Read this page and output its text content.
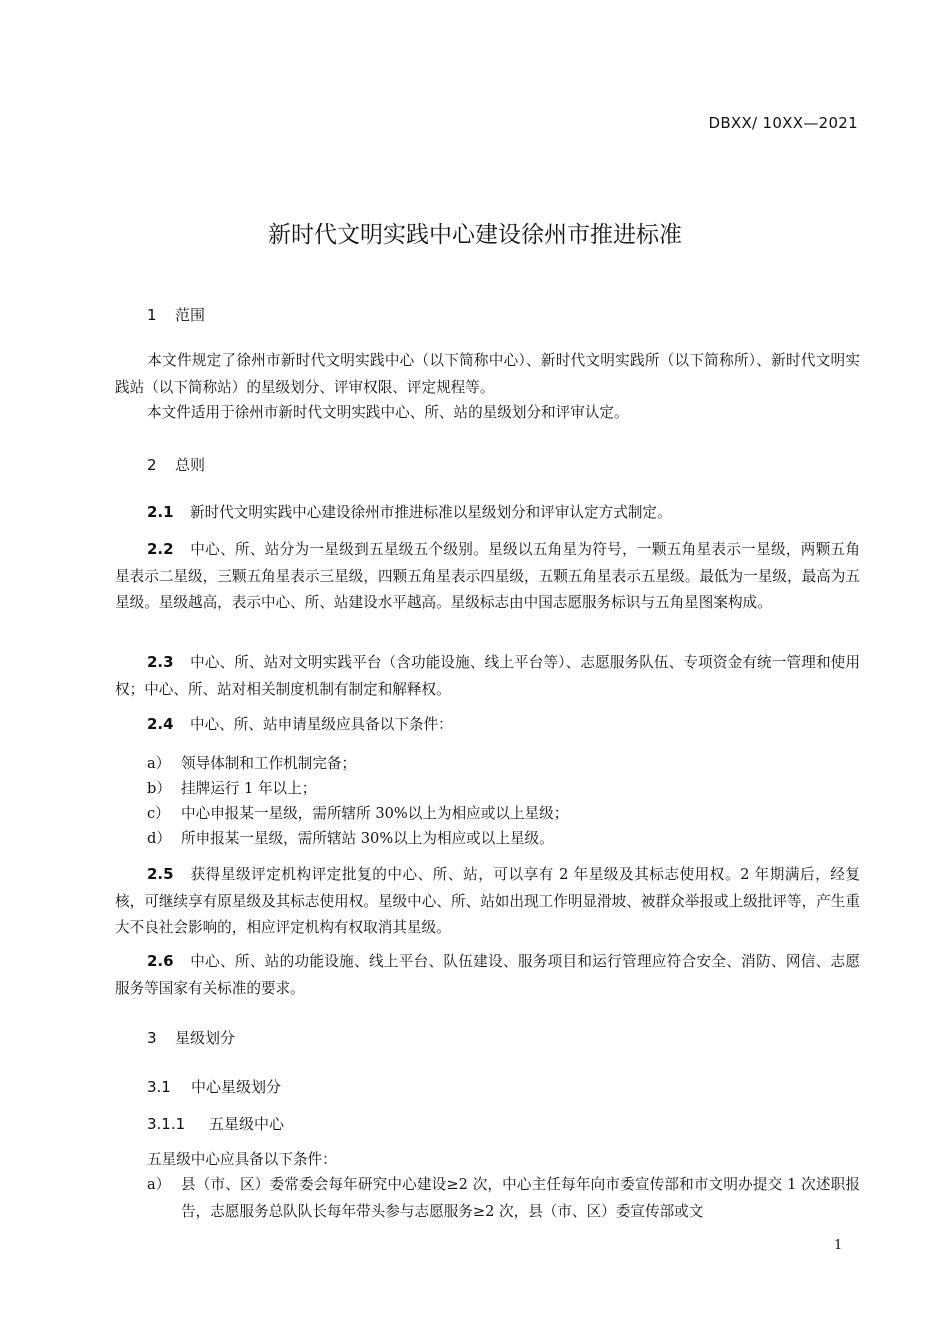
DBXX/ 10XX—2021
新时代文明实践中心建设徐州市推进标准
1 范围
本文件规定了徐州市新时代文明实践中心（以下简称中心）、新时代文明实践所（以下简称所）、新时代文明实践站（以下简称站）的星级划分、评审权限、评定规程等。
本文件适用于徐州市新时代文明实践中心、所、站的星级划分和评审认定。
2 总则
2.1 新时代文明实践中心建设徐州市推进标准以星级划分和评审认定方式制定。
2.2 中心、所、站分为一星级到五星级五个级别。星级以五角星为符号，一颗五角星表示一星级，两颗五角星表示二星级，三颗五角星表示三星级，四颗五角星表示四星级，五颗五角星表示五星级。最低为一星级，最高为五星级。星级越高，表示中心、所、站建设水平越高。星级标志由中国志愿服务标识与五角星图案构成。
2.3 中心、所、站对文明实践平台（含功能设施、线上平台等）、志愿服务队伍、专项资金有统一管理和使用权；中心、所、站对相关制度机制有制定和解释权。
2.4 中心、所、站申请星级应具备以下条件：
a） 领导体制和工作机制完备；
b） 挂牌运行 1 年以上；
c） 中心申报某一星级，需所辖所 30%以上为相应或以上星级；
d） 所申报某一星级，需所辖站 30%以上为相应或以上星级。
2.5 获得星级评定机构评定批复的中心、所、站，可以享有 2 年星级及其标志使用权。2 年期满后，经复核，可继续享有原星级及其标志使用权。星级中心、所、站如出现工作明显滑坡、被群众举报或上级批评等，产生重大不良社会影响的，相应评定机构有权取消其星级。
2.6 中心、所、站的功能设施、线上平台、队伍建设、服务项目和运行管理应符合安全、消防、网信、志愿服务等国家有关标准的要求。
3 星级划分
3.1 中心星级划分
3.1.1 五星级中心
五星级中心应具备以下条件：
a） 县（市、区）委常委会每年研究中心建设≥2 次，中心主任每年向市委宣传部和市文明办提交 1 次述职报告，志愿服务总队队长每年带头参与志愿服务≥2 次，县（市、区）委宣传部或文
1
